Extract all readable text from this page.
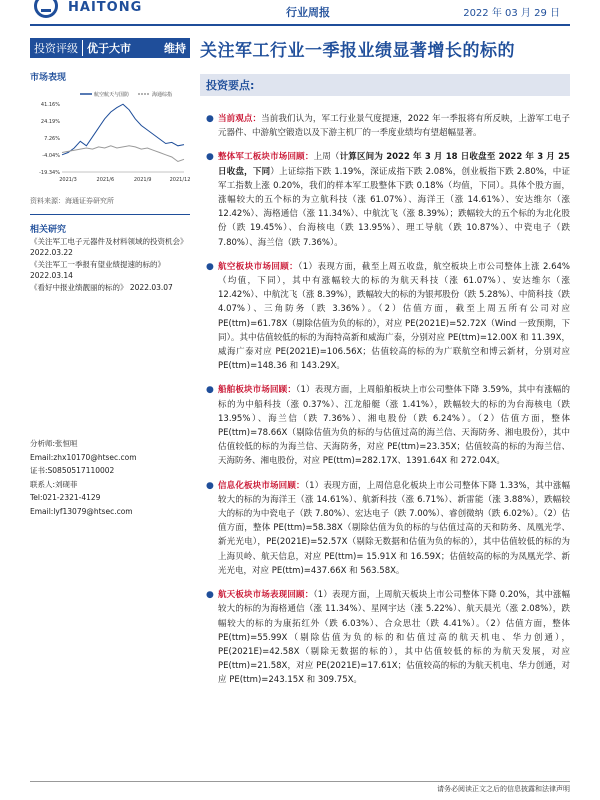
HAITONG	行业周报	2022 年 03 月 29 日
投资评级 优于大市	维持 关注军工行业一季报业绩显著增长的标的
市场表现
航空航天与国防	海通综指
41.16%
24.19%
7.26%
-4.04%
-19.34%
2021/3	2021/6	2021/9	2021/12
资料来源：海通证券研究所
相关研究
《关注军工电子元器件及材料领域的投资机会》 2022.03.22
《关注军工一季报有望业绩提速的标的》 2022.03.14
《看好中报业绩靓丽的标的》 2022.03.07
分析师:张恒晅
Email:zhx10170@htsec.com
证书:S0850517110002
联系人:刘砚菲
Tel:021-2321-4129
Email:lyf13079@htsec.com
投资要点:
● 当前观点：当前我们认为，军工行业景气度提速，2022 年一季报将有所反映，上游军工电子元器件、中游航空锻造以及下游主机厂的一季度业绩均有望超幅显著。
● 整体军工板块市场回顾：上周（计算区间为 2022 年 3 月 18 日收盘至 2022 年 3 月 25 日收盘，下同）上证综指下跌 1.19%，深证成指下跌 2.08%，创业板指下跌 2.80%，中证军工指数上涨 0.20%，我们的样本军工股整体下跌 0.18%（均值，下同）。具体个股方面，涨幅较大的五个标的为立航科技（涨 61.07%）、海洋王（涨 14.61%）、安达维尔（涨 12.42%）、海格通信（涨 11.34%）、中航沈飞（涨 8.39%）；跌幅较大的五个标的为北化股份（跌 19.45%）、台海核电（跌 13.95%）、理工导航（跌 10.87%）、中瓷电子（跌 7.80%）、海兰信（跌 7.36%）。
● 航空板块市场回顾：（1）表现方面，截至上周五收盘，航空板块上市公司整体上涨 2.64%（均值，下同），其中有涨幅较大的标的为航天科技（涨 61.07%）、安达维尔（涨 12.42%）、中航沈飞（涨 8.39%），跌幅较大的标的为银邦股份（跌 5.28%）、中简科技（跌 4.07%）、三角防务（跌 3.36%）。（2）估值方面，截至上周五所有公司对应 PE(ttm)=61.78X（剔除估值为负的标的），对应 PE(2021E)=52.72X（Wind 一致预期，下同）。其中估值较低的标的为海特高新和威海广泰，分别对应 PE(ttm)=12.00X 和 11.39X，威海广泰对应 PE(2021E)=106.56X；估值较高的标的为广联航空和博云新材，分别对应 PE(ttm)=148.36 和 143.29X。
● 船舶板块市场回顾：（1）表现方面，上周船舶板块上市公司整体下降 3.59%，其中有涨幅的标的为中船科技（涨 0.37%）、江龙船艇（涨 1.41%），跌幅较大的标的为台海核电（跌 13.95%）、海兰信（跌 7.36%）、湘电股份（跌 6.24%）。（2）估值方面，整体 PE(ttm)=78.66X（剔除估值为负的标的与估值过高的海兰信、天海防务、湘电股份），其中估值较低的标的为海兰信、天海防务，对应 PE(ttm)=23.35X；估值较高的标的为海兰信、天海防务、湘电股份，对应 PE(ttm)=282.17X、1391.64X 和 272.04X。
● 信息化板块市场回顾：（1）表现方面，上周信息化板块上市公司整体下降 1.33%，其中涨幅较大的标的为海洋王（涨 14.61%）、航新科技（涨 6.71%）、新雷能（涨 3.88%），跌幅较大的标的为中瓷电子（跌 7.80%）、宏达电子（跌 7.00%）、睿创微纳（跌 6.02%）。（2）估值方面，整体 PE(ttm)=58.38X（剔除估值为负的标的与估值过高的天和防务、凤凰光学、新光光电），PE(2021E)=52.57X（剔除无数据和估值为负的标的），其中估值较低的标的为上海贝岭、航天信息，对应 PE(ttm)= 15.91X 和 16.59X；估值较高的标的为凤凰光学、新光光电，对应 PE(ttm)=437.66X 和 563.58X。
● 航天板块市场表现回顾：（1）表现方面，上周航天板块上市公司整体下降 0.20%，其中涨幅较大的标的为海格通信（涨 11.34%）、星网宇达（涨 5.22%）、航天晨光（涨 2.08%），跌幅较大的标的为康拓红外（跌 6.03%）、合众思壮（跌 4.41%）。（2）估值方面，整体 PE(ttm)=55.99X（剔除估值为负的标的和估值过高的航天机电、华力创通），PE(2021E)=42.58X（剔除无数据的标的），其中估值较低的标的为航天发展，对应 PE(ttm)=21.58X，对应 PE(2021E)=17.61X；估值较高的标的为航天机电、华力创通，对应 PE(ttm)=243.15X 和 309.75X。
请务必阅读正文之后的信息披露和法律声明
